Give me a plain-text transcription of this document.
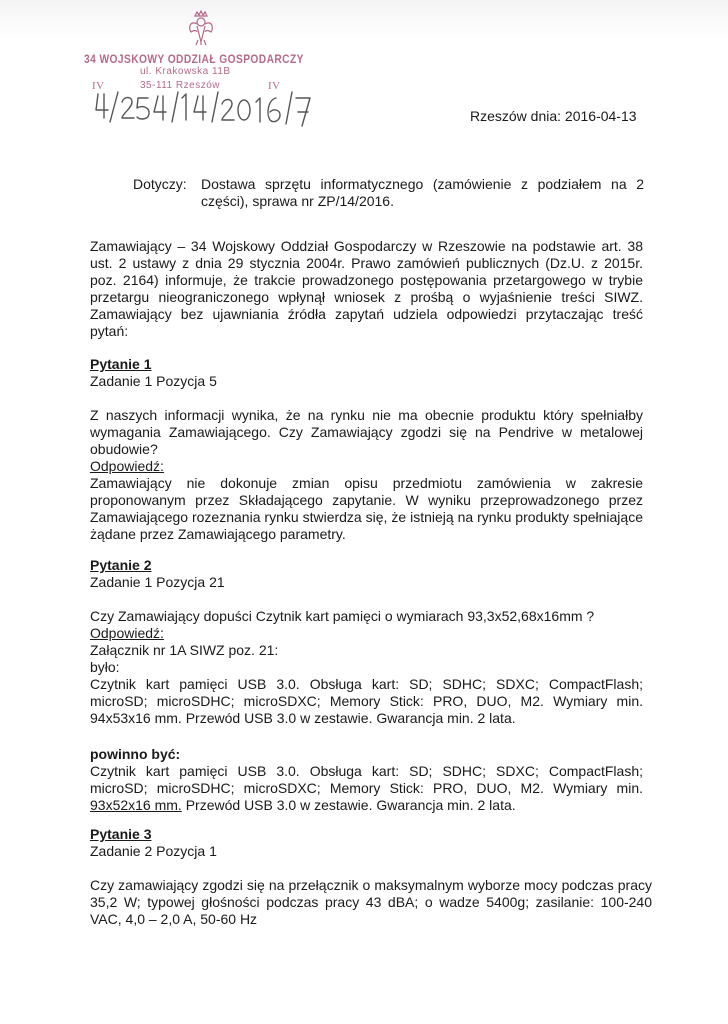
34 WOJSKOWY ODDZIAŁ GOSPODARCZY
ul. Krakowska 11B
IV	35-111 Rzeszów	IV
Rzeszów dnia: 2016-04-13
Dotyczy: Dostawa sprzętu informatycznego (zamówienie z podziałem na 2 części), sprawa nr ZP/14/2016.
Zamawiający – 34 Wojskowy Oddział Gospodarczy w Rzeszowie na podstawie art. 38 ust. 2 ustawy z dnia 29 stycznia 2004r. Prawo zamówień publicznych (Dz.U. z 2015r. poz. 2164) informuje, że trakcie prowadzonego postępowania przetargowego w trybie przetargu nieograniczonego wpłynął wniosek z prośbą o wyjaśnienie treści SIWZ. Zamawiający bez ujawniania źródła zapytań udziela odpowiedzi przytaczając treść pytań:

Pytanie 1

Zadanie 1 Pozycja 5

Z naszych informacji wynika, że na rynku nie ma obecnie produktu który spełniałby wymagania Zamawiającego. Czy Zamawiający zgodzi się na Pendrive w metalowej obudowie?

Odpowiedź:

Zamawiający nie dokonuje zmian opisu przedmiotu zamówienia w zakresie proponowanym przez Składającego zapytanie. W wyniku przeprowadzonego przez Zamawiającego rozeznania rynku stwierdza się, że istnieją na rynku produkty spełniające żądane przez Zamawiającego parametry.

Pytanie 2

Zadanie 1 Pozycja 21

Czy Zamawiający dopuści Czytnik kart pamięci o wymiarach 93,3x52,68x16mm ?

Odpowiedź:

Załącznik nr 1A SIWZ poz. 21:

było:

Czytnik kart pamięci USB 3.0. Obsługa kart: SD; SDHC; SDXC; CompactFlash; microSD; microSDHC; microSDXC; Memory Stick: PRO, DUO, M2. Wymiary min. 94x53x16 mm. Przewód USB 3.0 w zestawie. Gwarancja min. 2 lata.

powinno być:

Czytnik kart pamięci USB 3.0. Obsługa kart: SD; SDHC; SDXC; CompactFlash; microSD; microSDHC; microSDXC; Memory Stick: PRO, DUO, M2. Wymiary min. 93x52x16 mm. Przewód USB 3.0 w zestawie. Gwarancja min. 2 lata.

Pytanie 3

Zadanie 2 Pozycja 1

Czy zamawiający zgodzi się na przełącznik o maksymalnym wyborze mocy podczas pracy 35,2 W; typowej głośności podczas pracy 43 dBA; o wadze 5400g; zasilanie: 100-240 VAC, 4,0 – 2,0 A, 50-60 Hz
